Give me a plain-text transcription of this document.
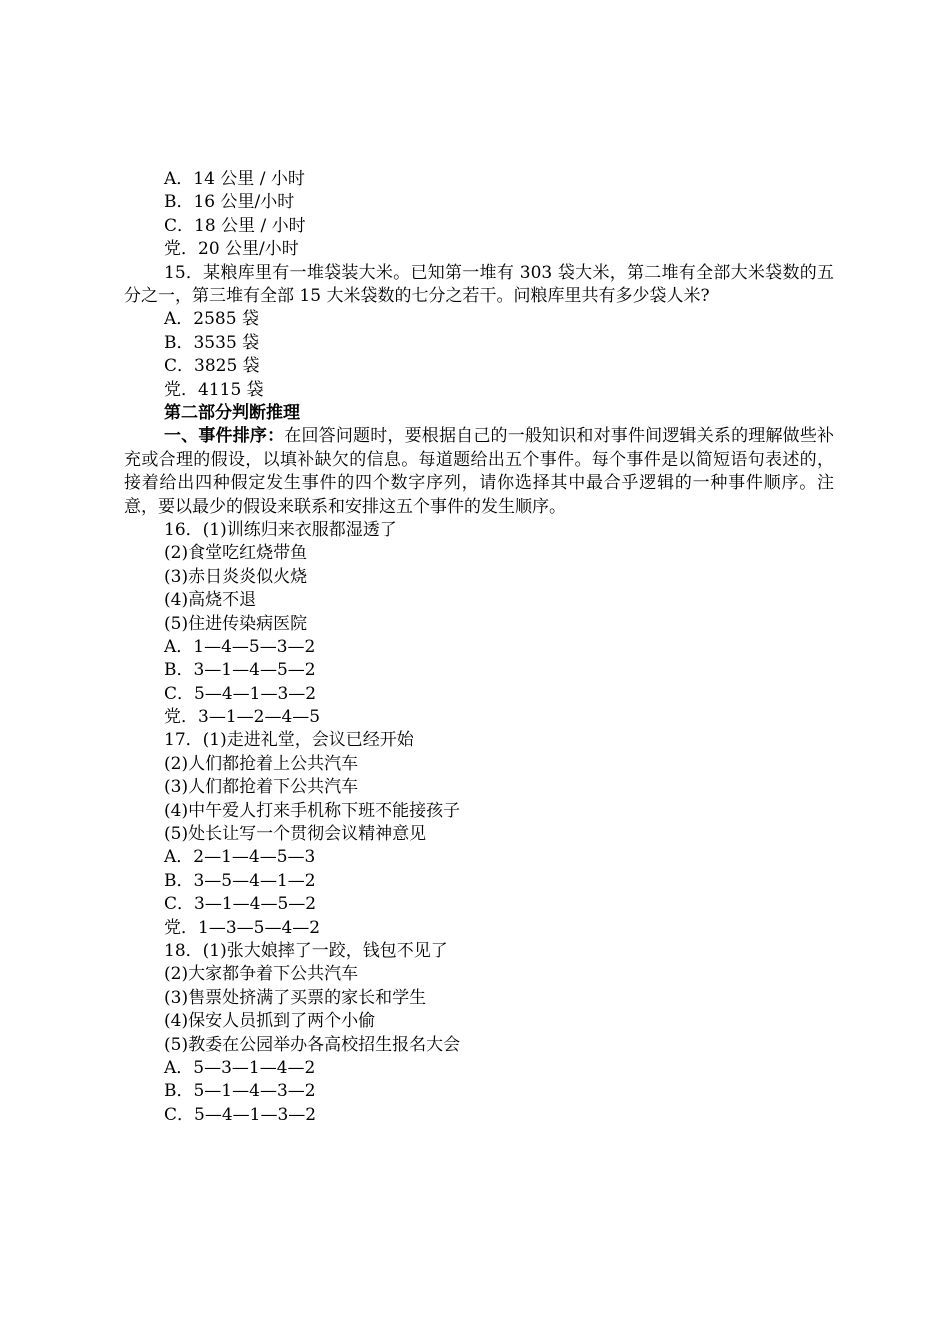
A．14 公里 / 小时
B．16 公里/小时
C．18 公里 / 小时
党．20 公里/小时
15．某粮库里有一堆袋装大米。已知第一堆有 303 袋大米，第二堆有全部大米袋数的五分之一，第三堆有全部 15 大米袋数的七分之若干。问粮库里共有多少袋人米?
A．2585 袋
B．3535 袋
C．3825 袋
党．4115 袋
第二部分判断推理
一、事件排序：在回答问题时，要根据自己的一般知识和对事件间逻辑关系的理解做些补充或合理的假设，以填补缺欠的信息。每道题给出五个事件。每个事件是以简短语句表述的，接着给出四种假定发生事件的四个数字序列，请你选择其中最合乎逻辑的一种事件顺序。注意，要以最少的假设来联系和安排这五个事件的发生顺序。
16．(1)训练归来衣服都湿透了
(2)食堂吃红烧带鱼
(3)赤日炎炎似火烧
(4)高烧不退
(5)住进传染病医院
A．1—4—5—3—2
B．3—1—4—5—2
C．5—4—1—3—2
党．3—1—2—4—5
17．(1)走进礼堂，会议已经开始
(2)人们都抢着上公共汽车
(3)人们都抢着下公共汽车
(4)中午爱人打来手机称下班不能接孩子
(5)处长让写一个贯彻会议精神意见
A．2—1—4—5—3
B．3—5—4—1—2
C．3—1—4—5—2
党．1—3—5—4—2
18．(1)张大娘摔了一跤，钱包不见了
(2)大家都争着下公共汽车
(3)售票处挤满了买票的家长和学生
(4)保安人员抓到了两个小偷
(5)教委在公园举办各高校招生报名大会
A．5—3—1—4—2
B．5—1—4—3—2
C．5—4—1—3—2
